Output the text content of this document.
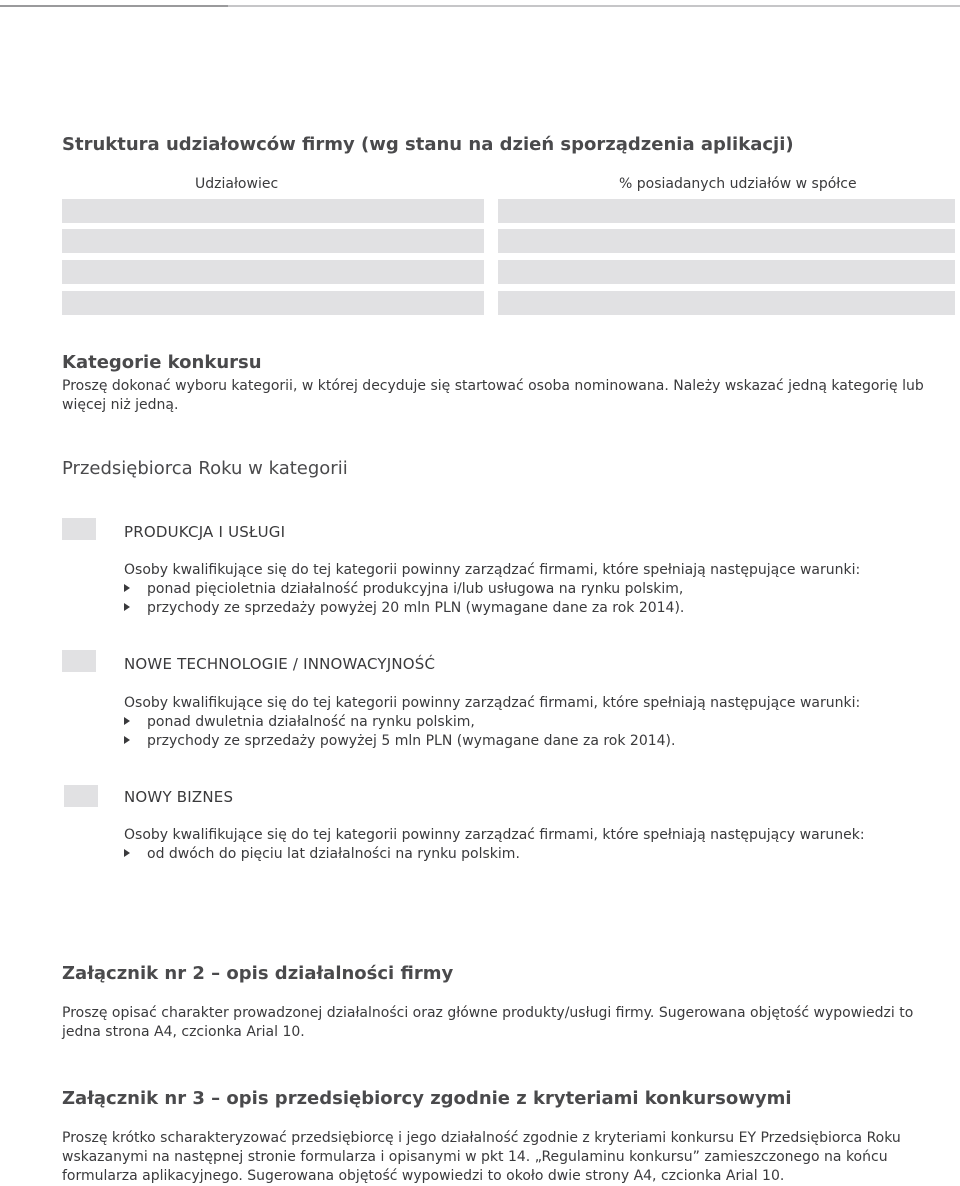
Struktura udziałowców firmy (wg stanu na dzień sporządzenia aplikacji)
Udziałowiec	% posiadanych udziałów w spółce
Kategorie konkursu
Proszę dokonać wyboru kategorii, w której decyduje się startować osoba nominowana. Należy wskazać jedną kategorię lub więcej niż jedną.
Przedsiębiorca Roku w kategorii
PRODUKCJA I USŁUGI
Osoby kwalifikujące się do tej kategorii powinny zarządzać firmami, które spełniają następujące warunki:
ponad pięcioletnia działalność produkcyjna i/lub usługowa na rynku polskim,
przychody ze sprzedaży powyżej 20 mln PLN (wymagane dane za rok 2014).
NOWE TECHNOLOGIE / INNOWACYJNOŚĆ
Osoby kwalifikujące się do tej kategorii powinny zarządzać firmami, które spełniają następujące warunki:
ponad dwuletnia działalność na rynku polskim,
przychody ze sprzedaży powyżej 5 mln PLN (wymagane dane za rok 2014).
NOWY BIZNES
Osoby kwalifikujące się do tej kategorii powinny zarządzać firmami, które spełniają następujący warunek:
od dwóch do pięciu lat działalności na rynku polskim.
Załącznik nr 2 – opis działalności firmy
Proszę opisać charakter prowadzonej działalności oraz główne produkty/usługi firmy. Sugerowana objętość wypowiedzi to jedna strona A4, czcionka Arial 10.
Załącznik nr 3 – opis przedsiębiorcy zgodnie z kryteriami konkursowymi
Proszę krótko scharakteryzować przedsiębiorcę i jego działalność zgodnie z kryteriami konkursu EY Przedsiębiorca Roku wskazanymi na następnej stronie formularza i opisanymi w pkt 14. „Regulaminu konkursu” zamieszczonego na końcu formularza aplikacyjnego. Sugerowana objętość wypowiedzi to około dwie strony A4, czcionka Arial 10.
